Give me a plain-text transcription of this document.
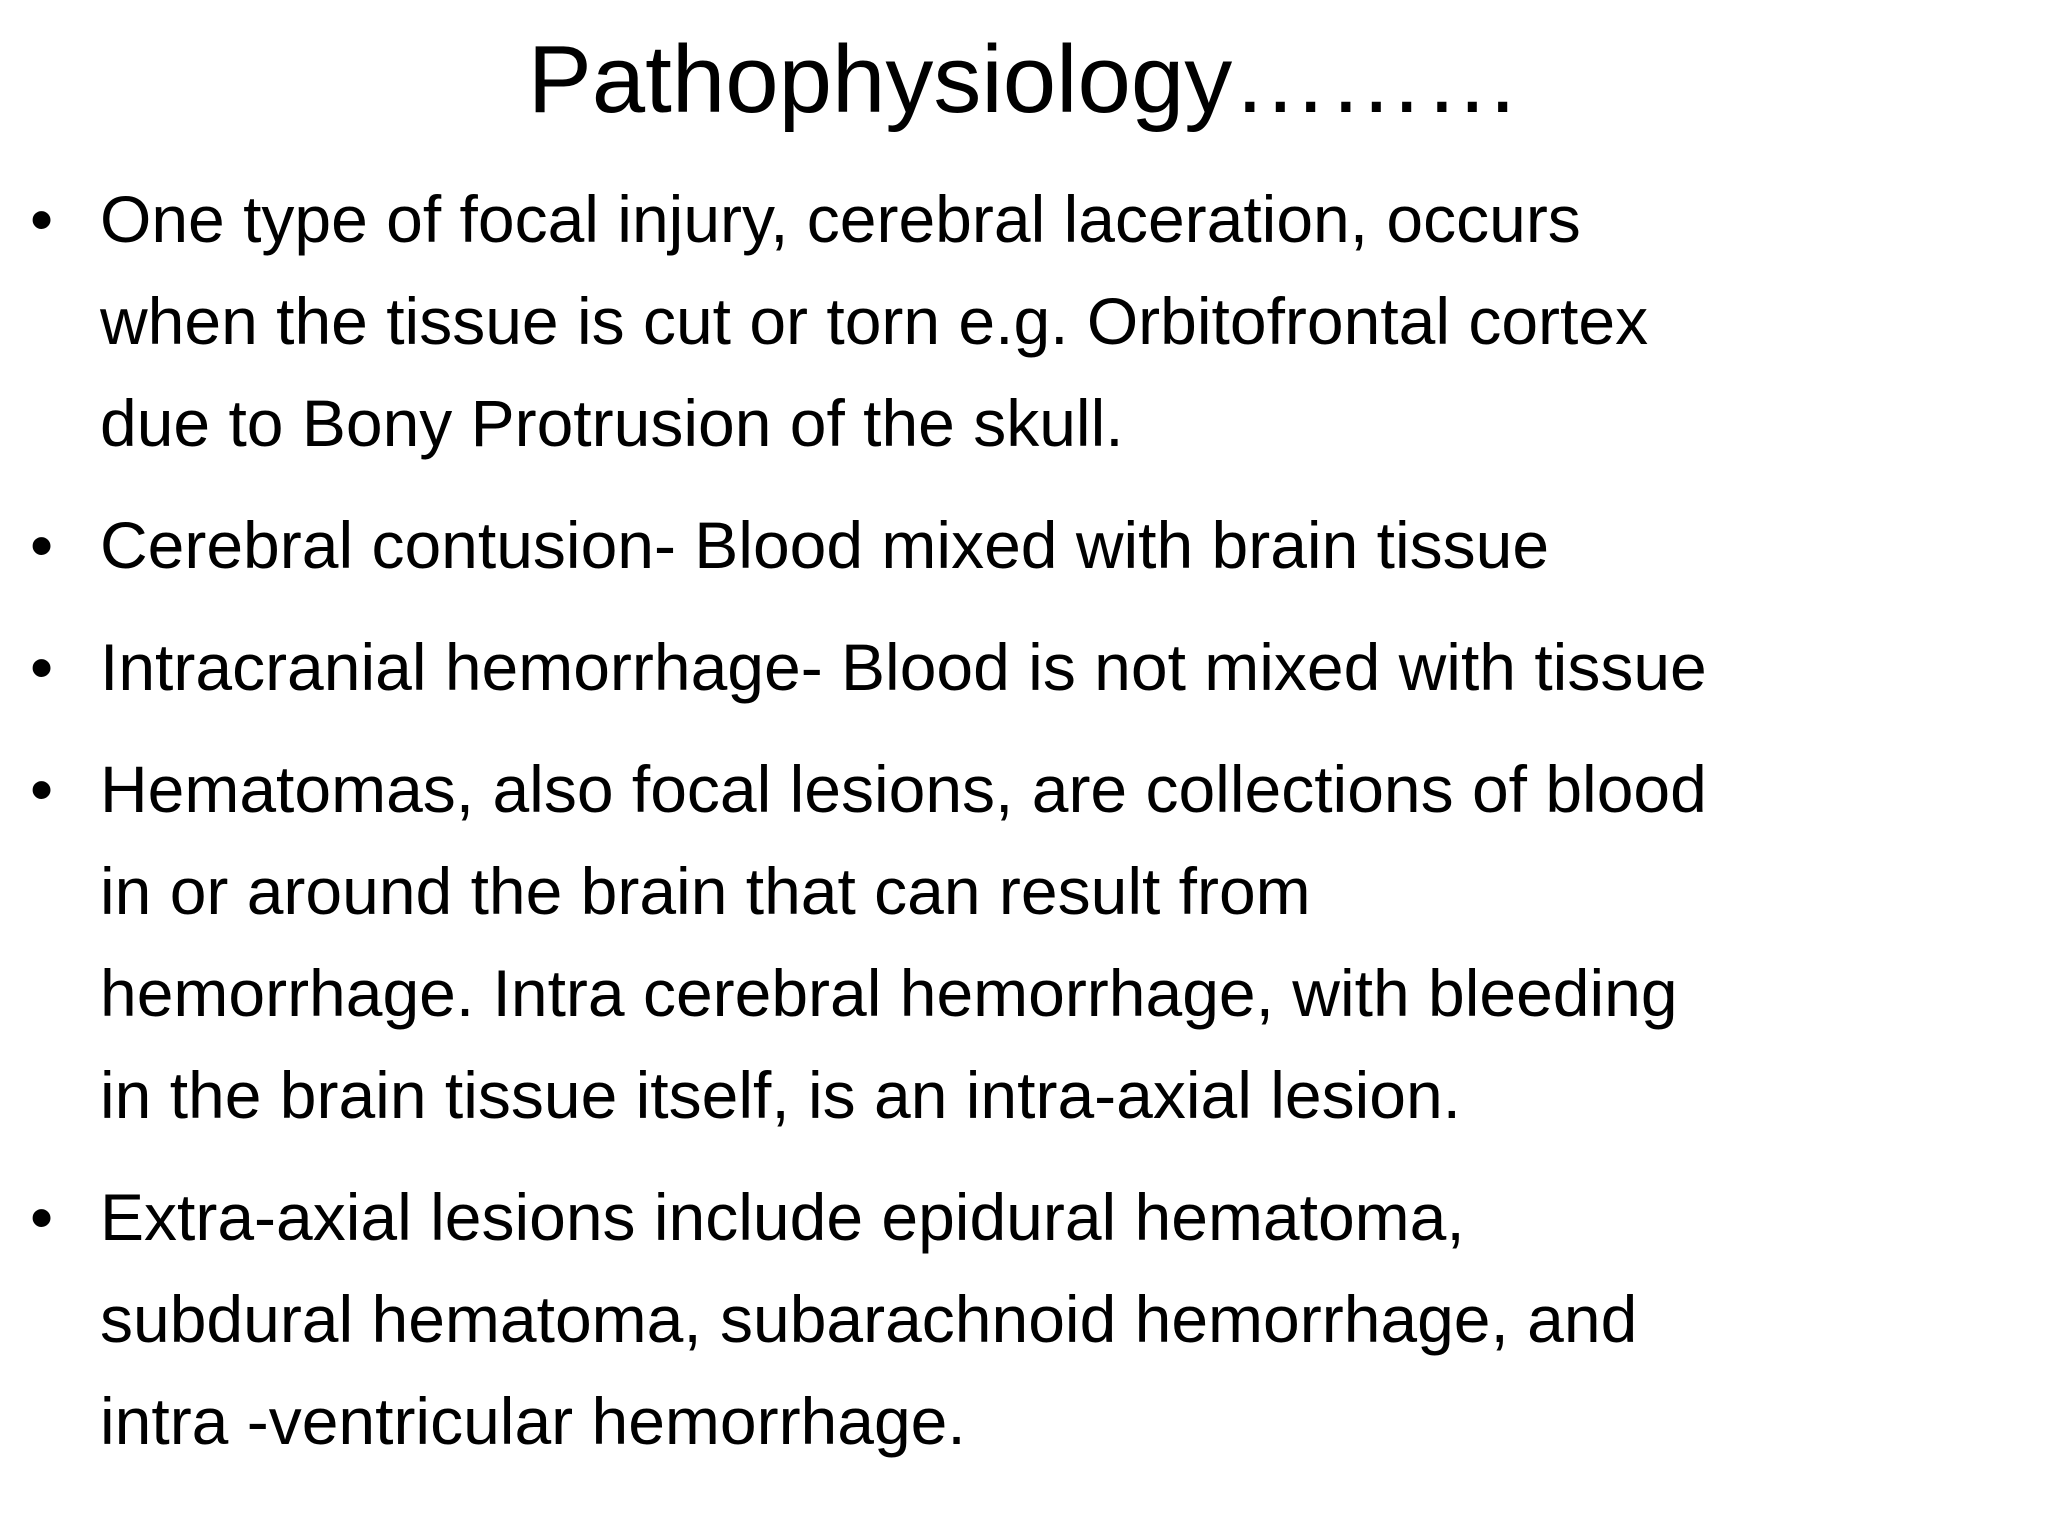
Pathophysiology………
• One type of focal injury, cerebral laceration, occurs
when the tissue is cut or torn e.g. Orbitofrontal cortex
due to Bony Protrusion of the skull.
• Cerebral contusion- Blood mixed with brain tissue
• Intracranial hemorrhage- Blood is not mixed with tissue
• Hematomas, also focal lesions, are collections of blood
in or around the brain that can result from
hemorrhage. Intra cerebral hemorrhage, with bleeding
in the brain tissue itself, is an intra-axial lesion.
• Extra-axial lesions include epidural hematoma,
subdural hematoma, subarachnoid hemorrhage, and
intra -ventricular hemorrhage.
